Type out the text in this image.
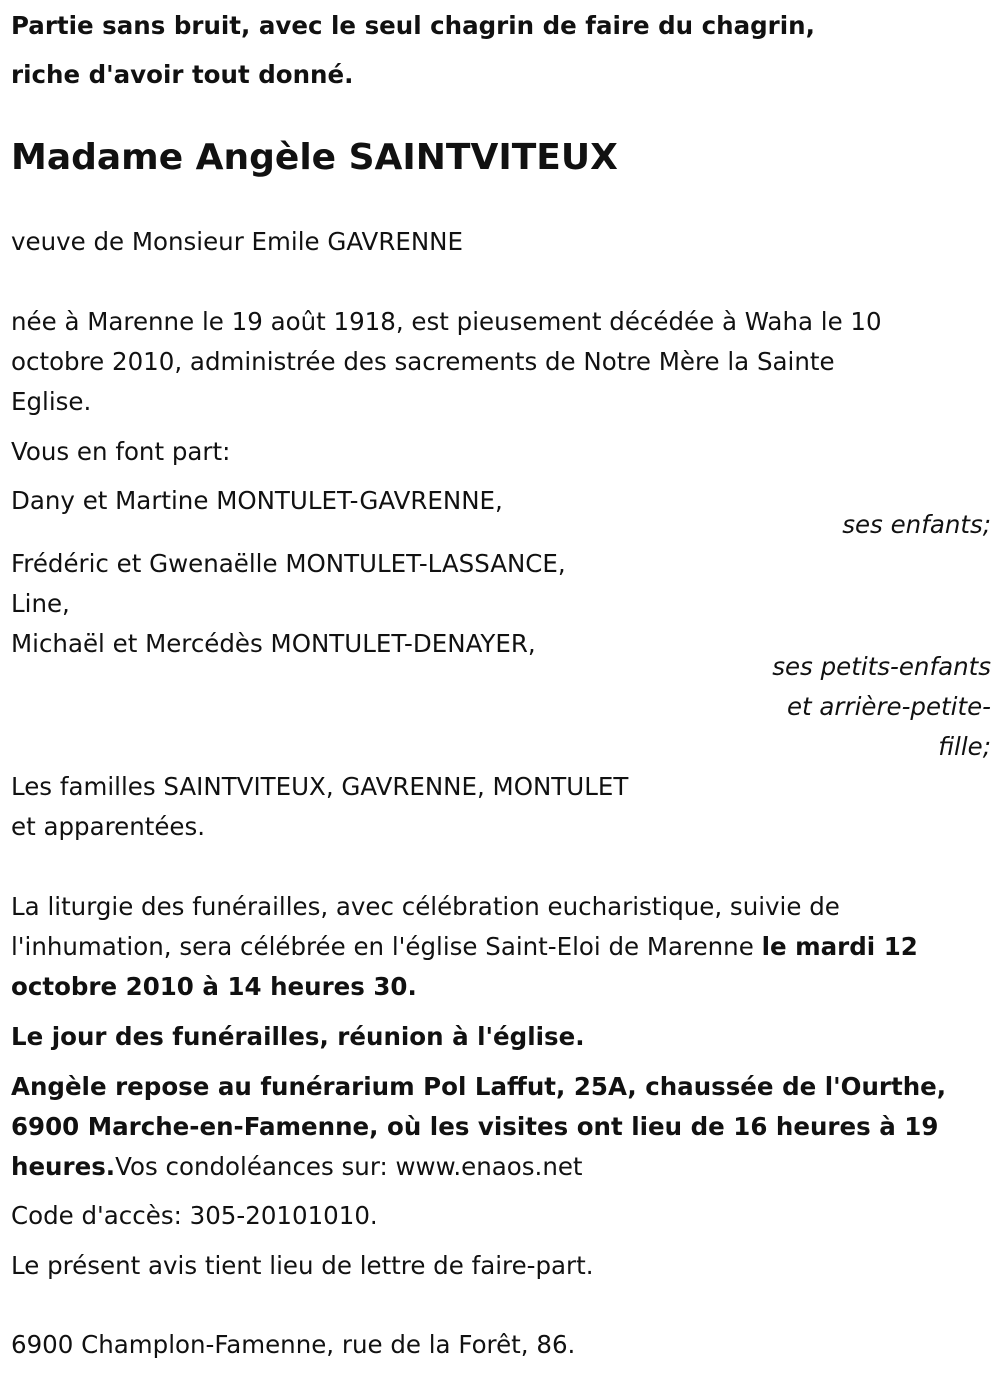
Partie sans bruit, avec le seul chagrin de faire du chagrin,
riche d'avoir tout donné.
Madame Angèle SAINTVITEUX
veuve de Monsieur Emile GAVRENNE
née à Marenne le 19 août 1918, est pieusement décédée à Waha le 10
octobre 2010, administrée des sacrements de Notre Mère la Sainte
Eglise.
Vous en font part:
Dany et Martine MONTULET-GAVRENNE,
ses enfants;
Frédéric et Gwenaëlle MONTULET-LASSANCE,
Line,
Michaël et Mercédès MONTULET-DENAYER,
ses petits-enfants
et arrière-petite-
fille;
Les familles SAINTVITEUX, GAVRENNE, MONTULET
et apparentées.
La liturgie des funérailles, avec célébration eucharistique, suivie de
l'inhumation, sera célébrée en l'église Saint-Eloi de Marenne le mardi 12
octobre 2010 à 14 heures 30.
Le jour des funérailles, réunion à l'église.
Angèle repose au funérarium Pol Laffut, 25A, chaussée de l'Ourthe,
6900 Marche-en-Famenne, où les visites ont lieu de 16 heures à 19
heures.Vos condoléances sur: www.enaos.net
Code d'accès: 305-20101010.
Le présent avis tient lieu de lettre de faire-part.
6900 Champlon-Famenne, rue de la Forêt, 86.
